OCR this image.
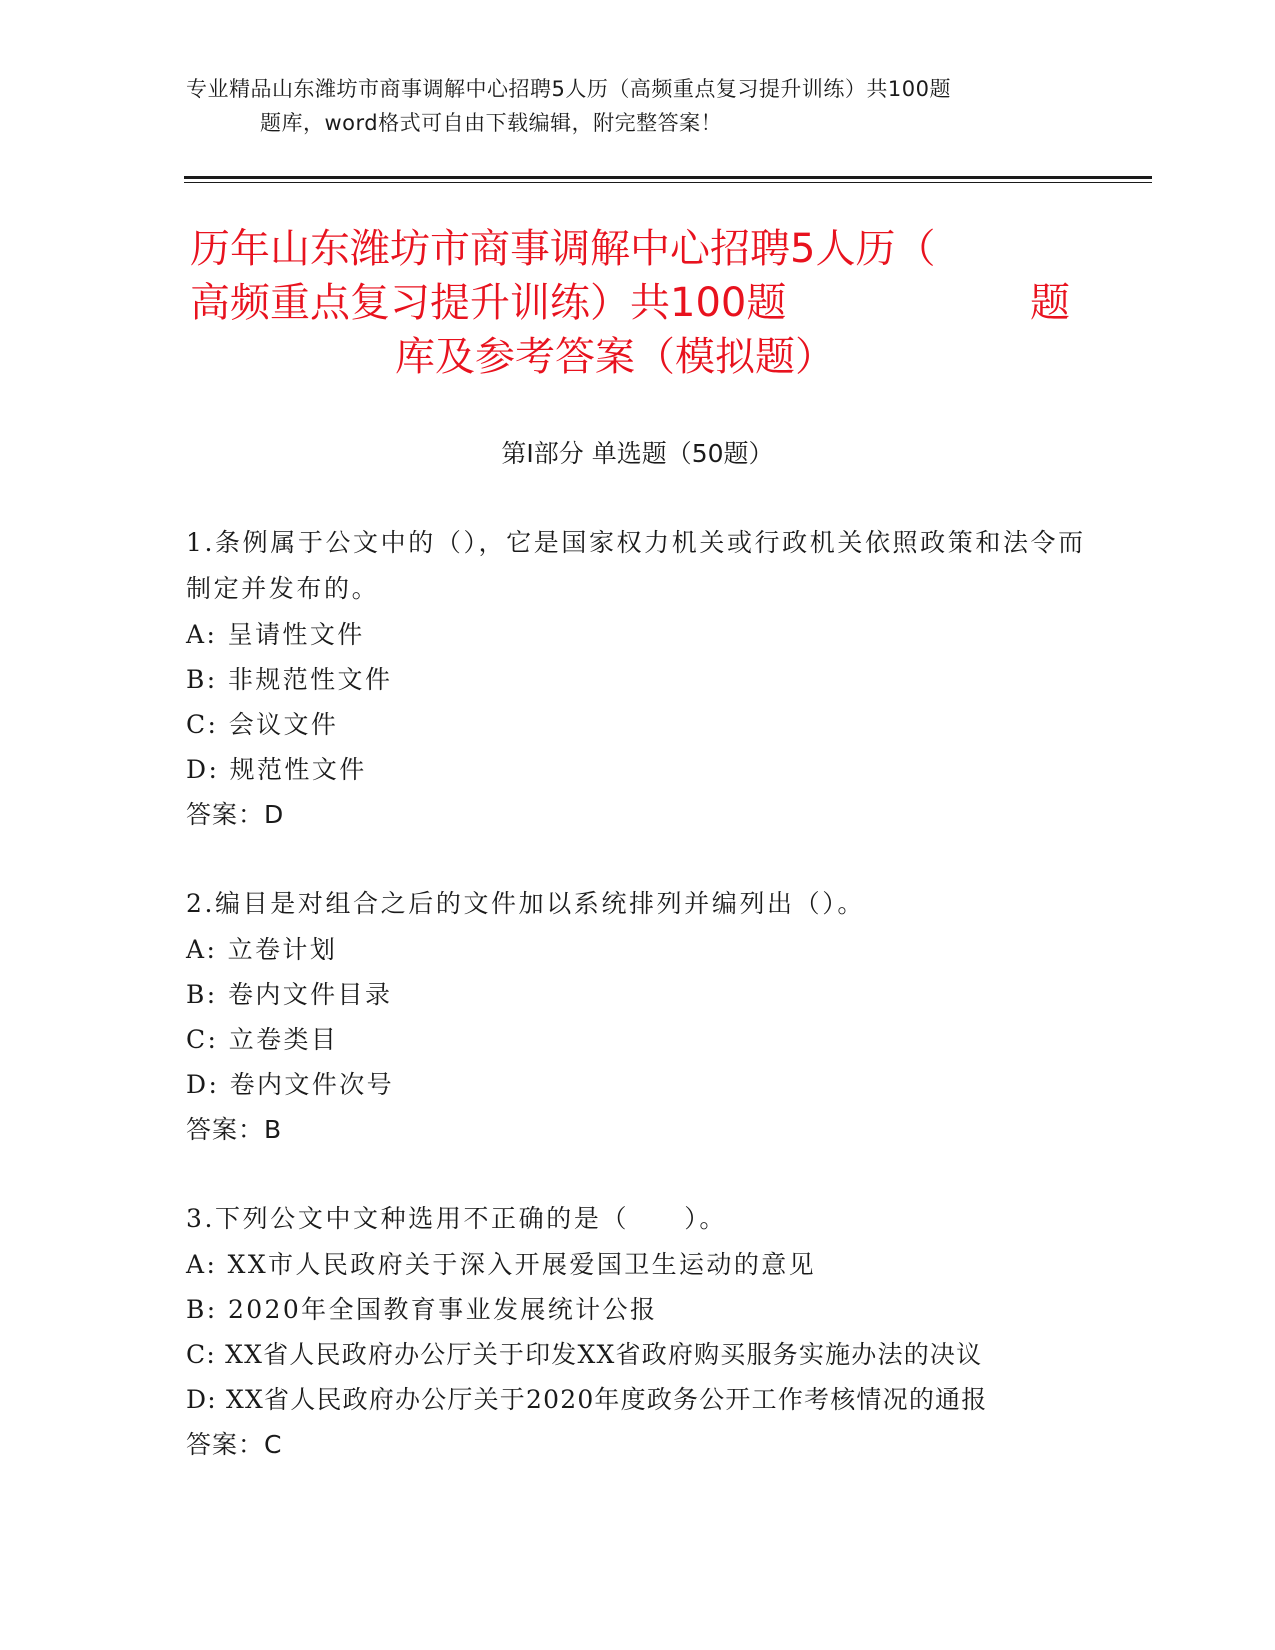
专业精品山东潍坊市商事调解中心招聘5人历（高频重点复习提升训练）共100题
题库，word格式可自由下载编辑，附完整答案！
历年山东潍坊市商事调解中心招聘5人历（
高频重点复习提升训练）共100题	题
库及参考答案（模拟题）
第I部分 单选题（50题）
1.条例属于公文中的（），它是国家权力机关或行政机关依照政策和法令而制定并发布的。
A: 呈请性文件
B: 非规范性文件
C: 会议文件
D: 规范性文件
答案：D
2.编目是对组合之后的文件加以系统排列并编列出（）。
A: 立卷计划
B: 卷内文件目录
C: 立卷类目
D: 卷内文件次号
答案：B
3.下列公文中文种选用不正确的是（　　）。
A: XX市人民政府关于深入开展爱国卫生运动的意见
B: 2020年全国教育事业发展统计公报
C: XX省人民政府办公厅关于印发XX省政府购买服务实施办法的决议
D: XX省人民政府办公厅关于2020年度政务公开工作考核情况的通报
答案：C
